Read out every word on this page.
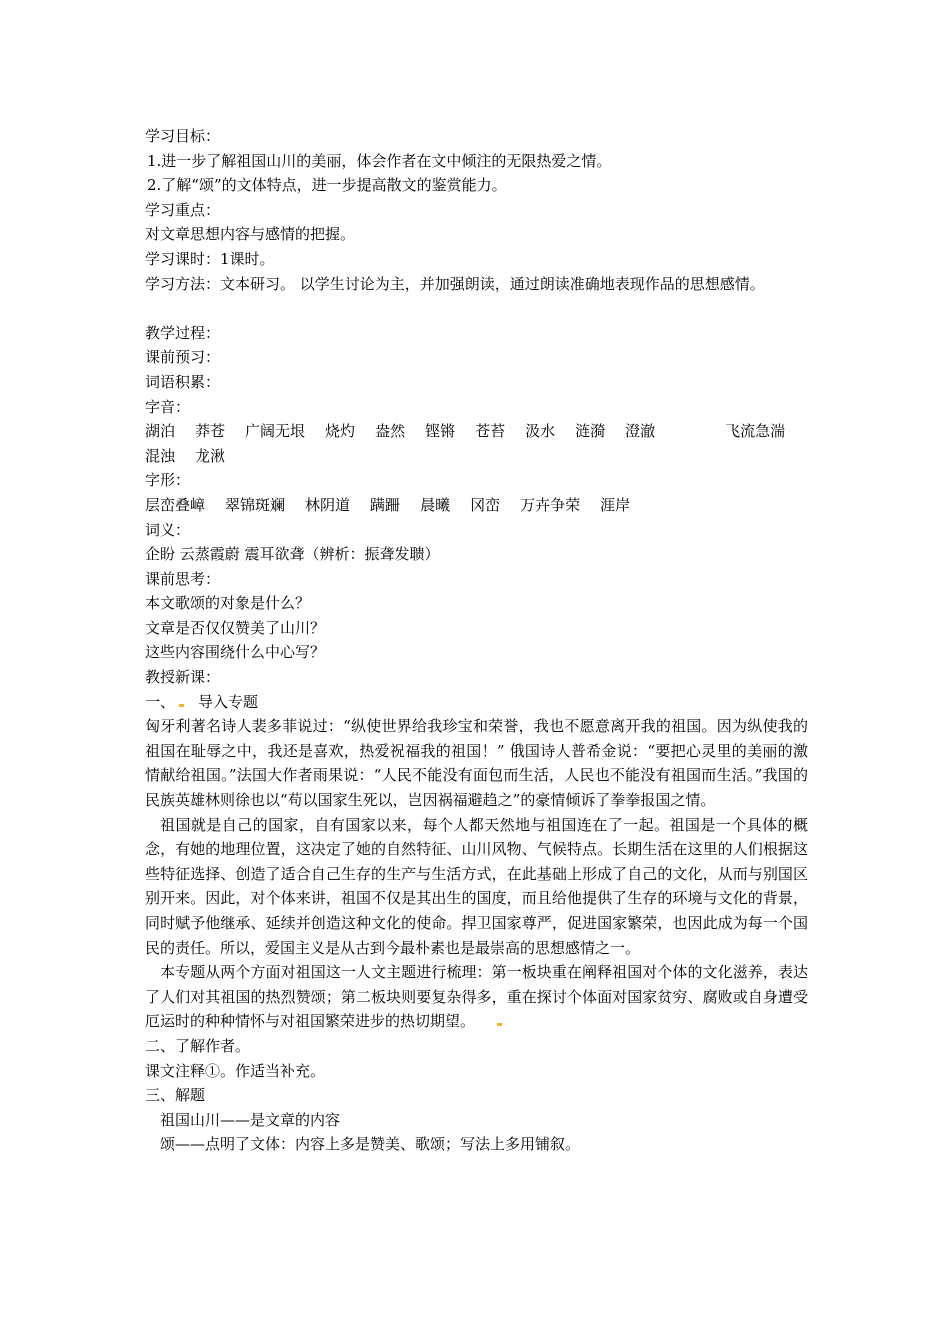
学习目标：
1.进一步了解祖国山川的美丽，体会作者在文中倾注的无限热爱之情。
2.了解“颂”的文体特点，进一步提高散文的鉴赏能力。
学习重点：
对文章思想内容与感情的把握。
学习课时：1课时。
学习方法：文本研习。 以学生讨论为主，并加强朗读，通过朗读准确地表现作品的思想感情。
教学过程：
课前预习：
词语积累：
字音：
湖泊 莽苍 广阔无垠 烧灼 盎然 铿锵 苍苔 汲水 涟漪 澄澈	飞流急湍
混浊 龙湫
字形：
层峦叠嶂 翠锦斑斓 林阴道 蹒跚 晨曦 冈峦 万卉争荣 涯岸
词义：
企盼 云蒸霞蔚 震耳欲聋（辨析：振聋发聩）
课前思考：
本文歌颂的对象是什么？
文章是否仅仅赞美了山川？
这些内容围绕什么中心写？
教授新课：
一、 导入专题
匈牙利著名诗人裴多菲说过：“纵使世界给我珍宝和荣誉，我也不愿意离开我的祖国。因为纵使我的祖国在耻辱之中，我还是喜欢，热爱祝福我的祖国！” 俄国诗人普希金说：“要把心灵里的美丽的激情献给祖国。”法国大作者雨果说：“人民不能没有面包而生活，人民也不能没有祖国而生活。”我国的民族英雄林则徐也以“苟以国家生死以，岂因祸福避趋之”的豪情倾诉了拳拳报国之情。
祖国就是自己的国家，自有国家以来，每个人都天然地与祖国连在了一起。祖国是一个具体的概念，有她的地理位置，这决定了她的自然特征、山川风物、气候特点。长期生活在这里的人们根据这些特征选择、创造了适合自己生存的生产与生活方式，在此基础上形成了自己的文化，从而与别国区别开来。因此，对个体来讲，祖国不仅是其出生的国度，而且给他提供了生存的环境与文化的背景，同时赋予他继承、延续并创造这种文化的使命。捍卫国家尊严，促进国家繁荣，也因此成为每一个国民的责任。所以，爱国主义是从古到今最朴素也是最崇高的思想感情之一。
本专题从两个方面对祖国这一人文主题进行梳理：第一板块重在阐释祖国对个体的文化滋养，表达了人们对其祖国的热烈赞颂；第二板块则要复杂得多，重在探讨个体面对国家贫穷、腐败或自身遭受厄运时的种种情怀与对祖国繁荣进步的热切期望。
二、了解作者。
课文注释①。作适当补充。
三、解题
祖国山川——是文章的内容
颂——点明了文体：内容上多是赞美、歌颂；写法上多用铺叙。
